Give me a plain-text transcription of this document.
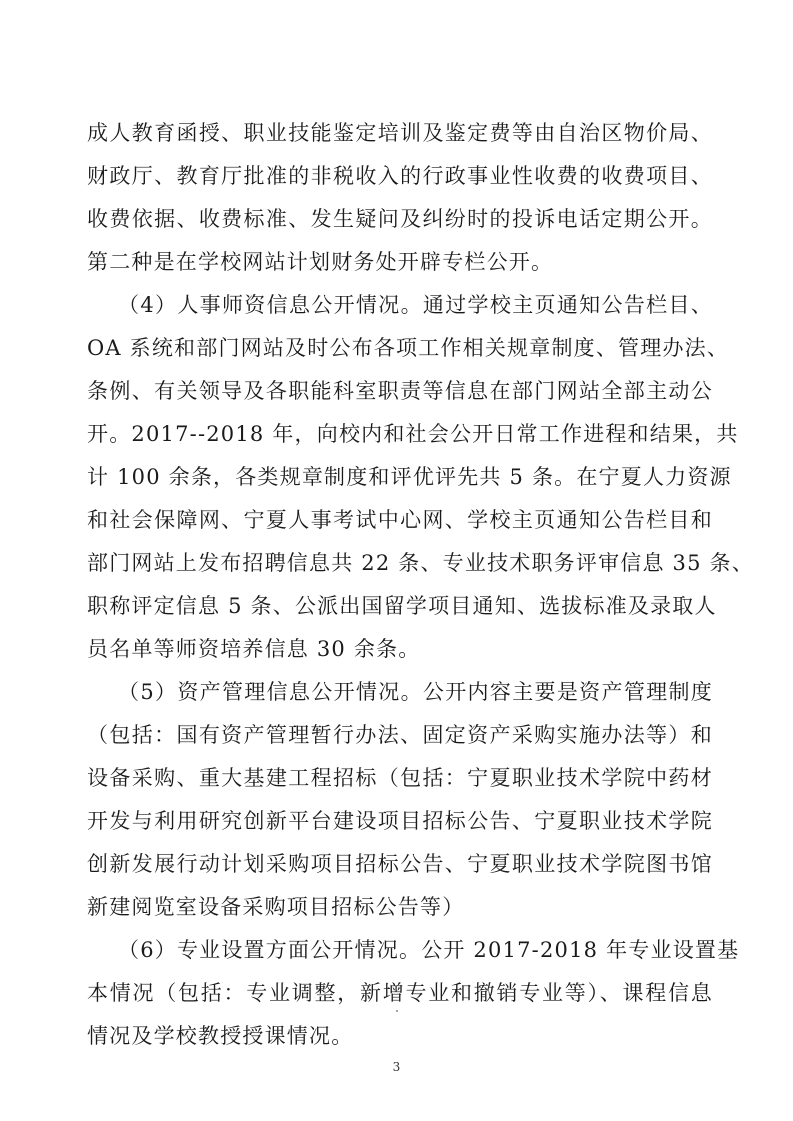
成人教育函授、职业技能鉴定培训及鉴定费等由自治区物价局、
财政厅、教育厅批准的非税收入的行政事业性收费的收费项目、
收费依据、收费标准、发生疑问及纠纷时的投诉电话定期公开。
第二种是在学校网站计划财务处开辟专栏公开。
（4）人事师资信息公开情况。通过学校主页通知公告栏目、
OA 系统和部门网站及时公布各项工作相关规章制度、管理办法、
条例、有关领导及各职能科室职责等信息在部门网站全部主动公
开。2017--2018 年，向校内和社会公开日常工作进程和结果，共
计 100 余条，各类规章制度和评优评先共 5 条。在宁夏人力资源
和社会保障网、宁夏人事考试中心网、学校主页通知公告栏目和
部门网站上发布招聘信息共 22 条、专业技术职务评审信息 35 条、
职称评定信息 5 条、公派出国留学项目通知、选拔标准及录取人
员名单等师资培养信息 30 余条。
（5）资产管理信息公开情况。公开内容主要是资产管理制度
（包括：国有资产管理暂行办法、固定资产采购实施办法等）和
设备采购、重大基建工程招标（包括：宁夏职业技术学院中药材
开发与利用研究创新平台建设项目招标公告、宁夏职业技术学院
创新发展行动计划采购项目招标公告、宁夏职业技术学院图书馆
新建阅览室设备采购项目招标公告等）
（6）专业设置方面公开情况。公开 2017-2018 年专业设置基
本情况（包括：专业调整，新增专业和撤销专业等）、课程信息
情况及学校教授授课情况。
3
